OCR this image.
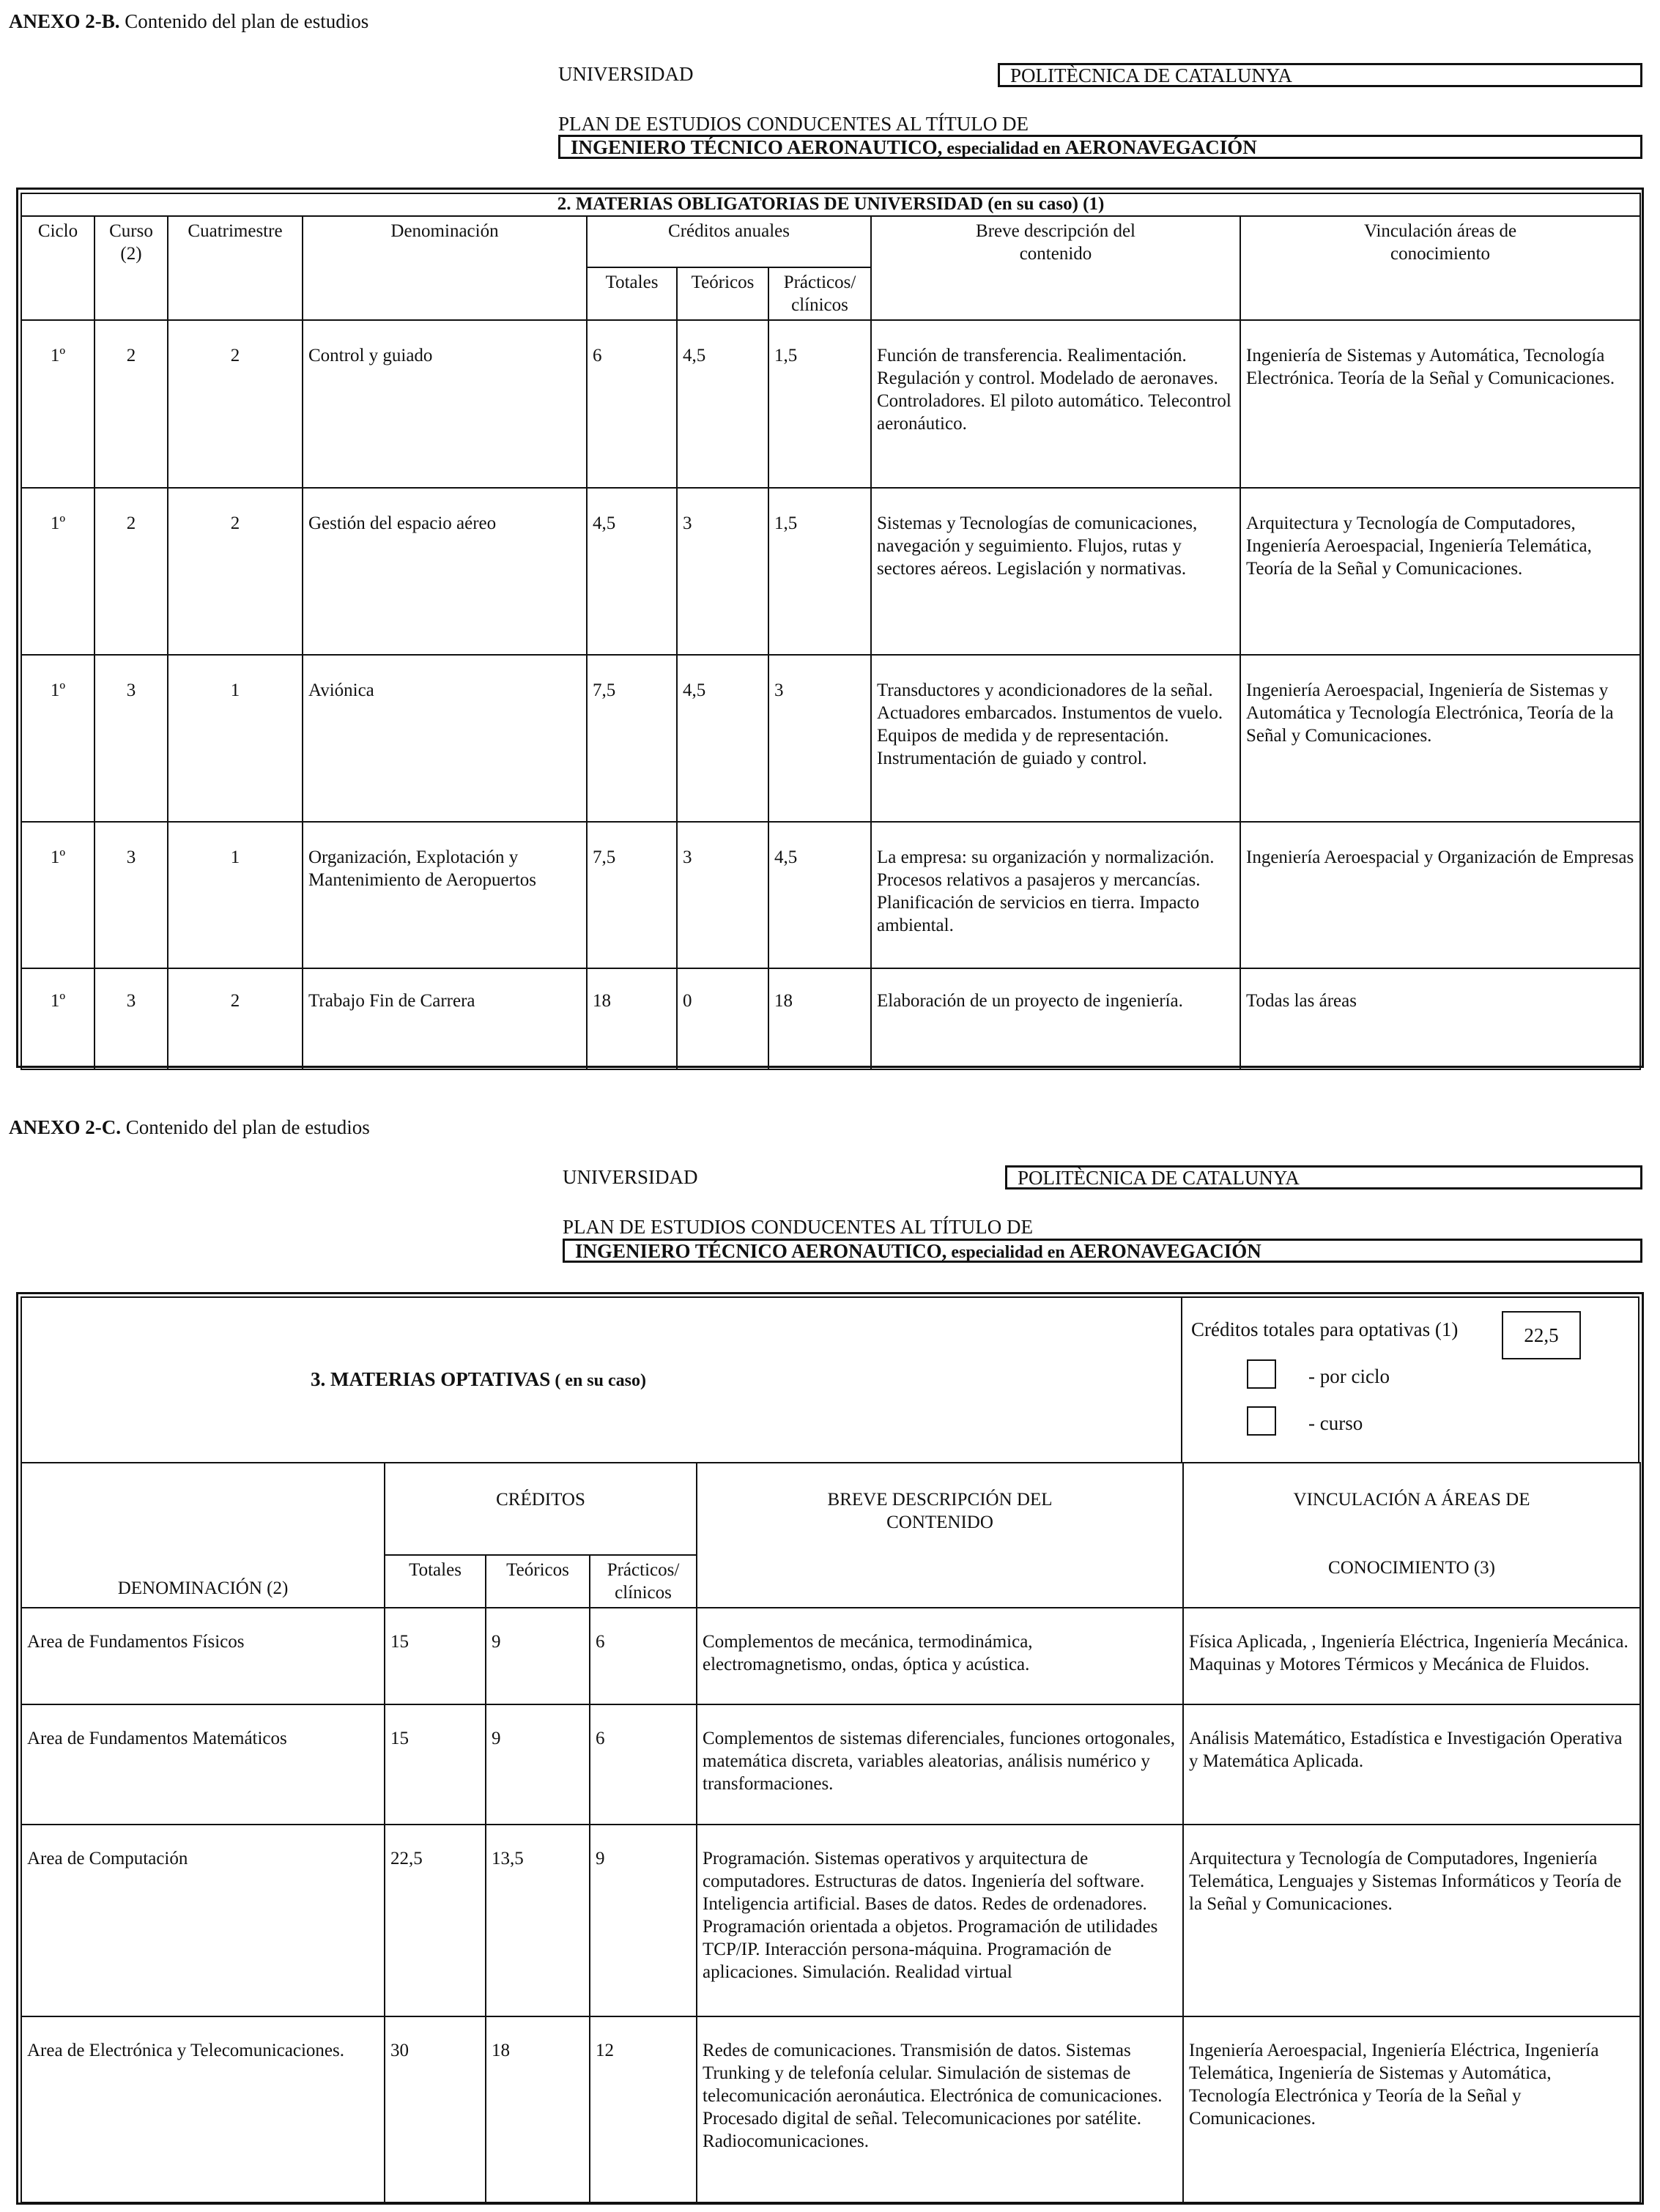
ANEXO 2-B. Contenido del plan de estudios
UNIVERSIDAD	POLITÈCNICA DE CATALUNYA
PLAN DE ESTUDIOS CONDUCENTES AL TÍTULO DE
INGENIERO TÉCNICO AERONAUTICO, especialidad en AERONAVEGACIÓN
2. MATERIAS OBLIGATORIAS DE UNIVERSIDAD (en su caso) (1)								
Ciclo	Curso (2)	Cuatrimestre	Denominación	Créditos anuales			Breve descripción del contenido	Vinculación áreas de conocimiento
				Totales	Teóricos	Prácticos/ clínicos		
1º	2	2	Control y guiado	6	4,5	1,5	Función de transferencia. Realimentación. Regulación y control. Modelado de aeronaves. Controladores. El piloto automático. Telecontrol aeronáutico.	Ingeniería de Sistemas y Automática, Tecnología Electrónica. Teoría de la Señal y Comunicaciones.
1º	2	2	Gestión del espacio aéreo	4,5	3	1,5	Sistemas y Tecnologías de comunicaciones, navegación y seguimiento. Flujos, rutas y sectores aéreos. Legislación y normativas.	Arquitectura y Tecnología de Computadores, Ingeniería Aeroespacial, Ingeniería Telemática, Teoría de la Señal y Comunicaciones.
1º	3	1	Aviónica	7,5	4,5	3	Transductores y acondicionadores de la señal. Actuadores embarcados. Instumentos de vuelo. Equipos de medida y de representación. Instrumentación de guiado y control.	Ingeniería Aeroespacial, Ingeniería de Sistemas y Automática y Tecnología Electrónica, Teoría de la Señal y Comunicaciones.
1º	3	1	Organización, Explotación y Mantenimiento de Aeropuertos	7,5	3	4,5	La empresa: su organización y normalización. Procesos relativos a pasajeros y mercancías. Planificación de servicios en tierra. Impacto ambiental.	Ingeniería Aeroespacial y Organización de Empresas
1º	3	2	Trabajo Fin de Carrera	18	0	18	Elaboración de un proyecto de ingeniería.	Todas las áreas
ANEXO 2-C. Contenido del plan de estudios
UNIVERSIDAD	POLITÈCNICA DE CATALUNYA
PLAN DE ESTUDIOS CONDUCENTES AL TÍTULO DE
INGENIERO TÉCNICO AERONAUTICO, especialidad en AERONAVEGACIÓN
3. MATERIAS OPTATIVAS ( en su caso)
Créditos totales para optativas (1)	22,5
- por ciclo
- curso
DENOMINACIÓN (2)	CRÉDITOS			BREVE DESCRIPCIÓN DEL CONTENIDO	VINCULACIÓN A ÁREAS DE
CONOCIMIENTO (3)

	Totales	Teóricos	Prácticos/ clínicos		
Area de Fundamentos Físicos	15	9	6	Complementos de mecánica, termodinámica, electromagnetismo, ondas, óptica y acústica.	Física Aplicada, , Ingeniería Eléctrica, Ingeniería Mecánica. Maquinas y Motores Térmicos y Mecánica de Fluidos.
Area de Fundamentos Matemáticos	15	9	6	Complementos de sistemas diferenciales, funciones ortogonales, matemática discreta, variables aleatorias, análisis numérico y transformaciones.	Análisis Matemático, Estadística e Investigación Operativa y Matemática Aplicada.
Area de Computación	22,5	13,5	9	Programación. Sistemas operativos y arquitectura de computadores. Estructuras de datos. Ingeniería del software. Inteligencia artificial. Bases de datos. Redes de ordenadores. Programación orientada a objetos. Programación de utilidades TCP/IP. Interacción persona-máquina. Programación de aplicaciones. Simulación. Realidad virtual	Arquitectura y Tecnología de Computadores, Ingeniería Telemática, Lenguajes y Sistemas Informáticos y Teoría de la Señal y Comunicaciones.
Area de Electrónica y Telecomunicaciones.	30	18	12	Redes de comunicaciones. Transmisión de datos. Sistemas Trunking y de telefonía celular. Simulación de sistemas de telecomunicación aeronáutica. Electrónica de comunicaciones. Procesado digital de señal. Telecomunicaciones por satélite. Radiocomunicaciones.	Ingeniería Aeroespacial, Ingeniería Eléctrica, Ingeniería Telemática, Ingeniería de Sistemas y Automática, Tecnología Electrónica y Teoría de la Señal y Comunicaciones.
